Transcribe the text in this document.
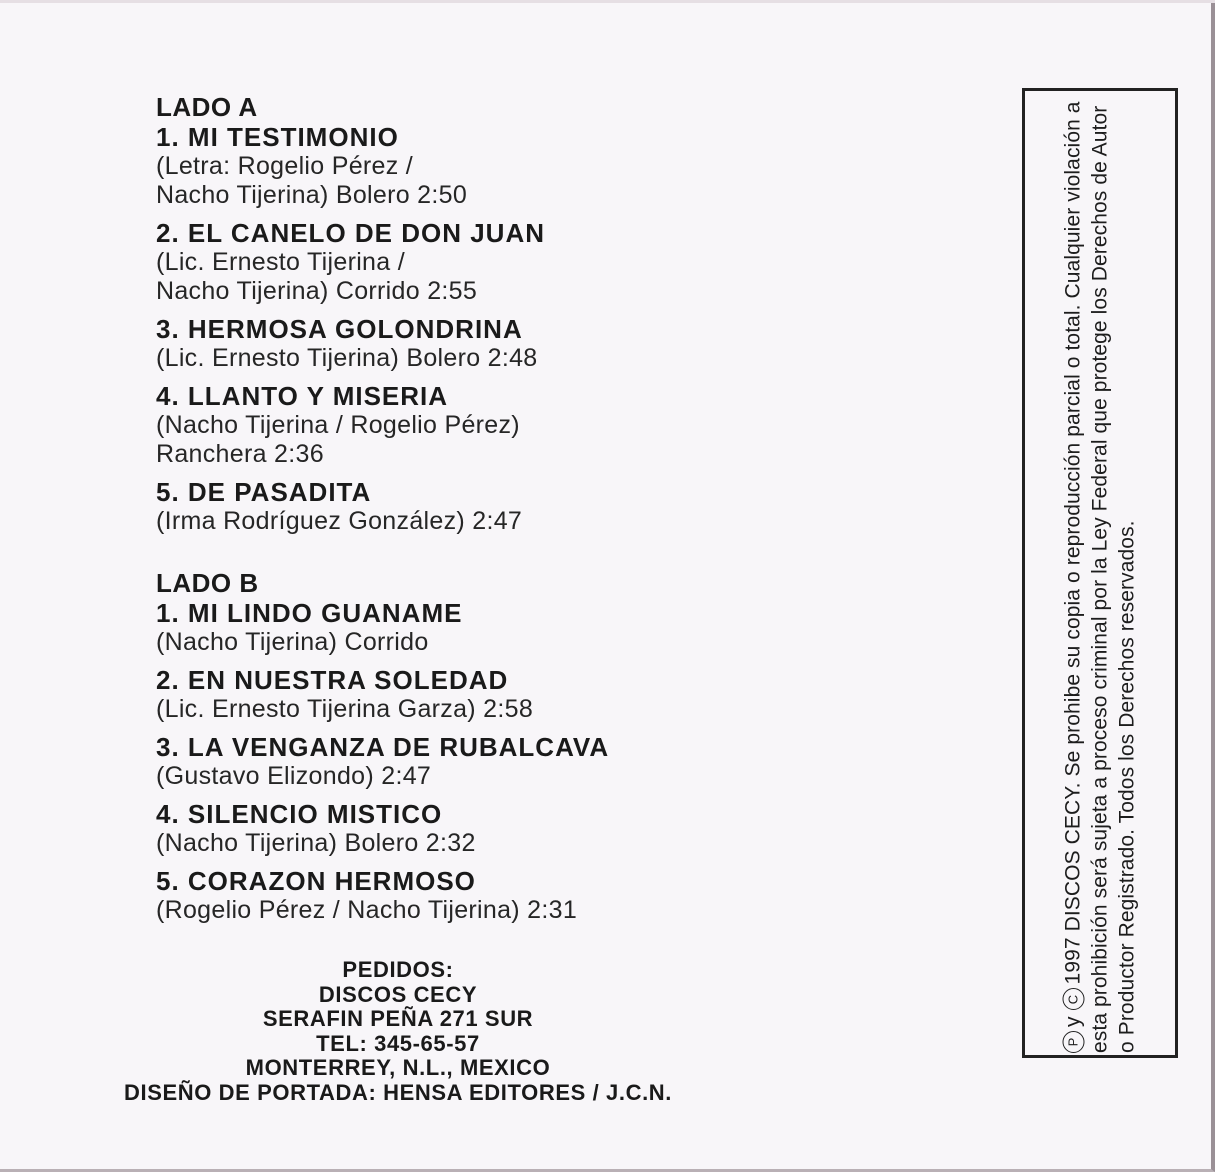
LADO A
1. MI TESTIMONIO
(Letra: Rogelio Pérez /
Nacho Tijerina) Bolero 2:50
2. EL CANELO DE DON JUAN
(Lic. Ernesto Tijerina /
Nacho Tijerina) Corrido 2:55
3. HERMOSA GOLONDRINA
(Lic. Ernesto Tijerina) Bolero 2:48
4. LLANTO Y MISERIA
(Nacho Tijerina / Rogelio Pérez)
Ranchera 2:36
5. DE PASADITA
(Irma Rodríguez González) 2:47
LADO B
1. MI LINDO GUANAME
(Nacho Tijerina) Corrido
2. EN NUESTRA SOLEDAD
(Lic. Ernesto Tijerina Garza) 2:58
3. LA VENGANZA DE RUBALCAVA
(Gustavo Elizondo) 2:47
4. SILENCIO MISTICO
(Nacho Tijerina) Bolero 2:32
5. CORAZON HERMOSO
(Rogelio Pérez / Nacho Tijerina) 2:31
PEDIDOS:
DISCOS CECY
SERAFIN PEÑA 271 SUR
TEL: 345-65-57
MONTERREY, N.L., MEXICO
DISEÑO DE PORTADA: HENSA EDITORES / J.C.N.
Py C1997 DISCOS CECY. Se prohibe su copia o reproducción parcial o total. Cualquier violación a esta prohibición será sujeta a proceso criminal por la Ley Federal que protege los Derechos de Autor o Productor Registrado. Todos los Derechos reservados.
